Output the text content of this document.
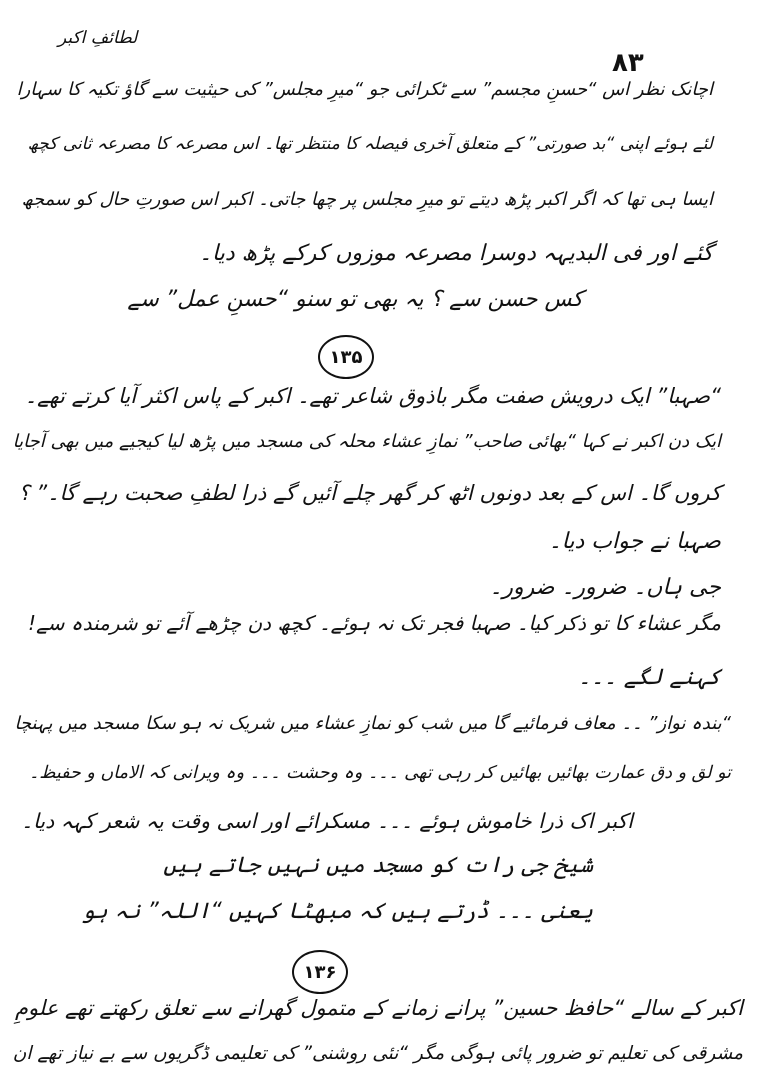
لطائفِ اکبر
۸۳
اچانک نظر اس “حسنِ مجسم” سے ٹکرائی جو “میرِ مجلس” کی حیثیت سے گاؤ تکیہ کا سہارا
لئے ہوئے اپنی “بد صورتی” کے متعلق آخری فیصلہ کا منتظر تھا۔ اس مصرعہ کا مصرعہ ثانی کچھ
ایسا ہی تھا کہ اگر اکبر پڑھ دیتے تو میرِ مجلس پر چھا جاتی۔ اکبر اس صورتِ حال کو سمجھ
گئے اور فی البدیہہ دوسرا مصرعہ موزوں کرکے پڑھ دیا۔
کس حسن سے ؟ یہ بھی تو سنو “حسنِ عمل” سے
۱۳۵
“صہبا” ایک درویش صفت مگر باذوق شاعر تھے۔ اکبر کے پاس اکثر آیا کرتے تھے۔
ایک دن اکبر نے کہا “بھائی صاحب” نمازِ عشاء محلہ کی مسجد میں پڑھ لیا کیجیے میں بھی آجایا
کروں گا۔ اس کے بعد دونوں اٹھ کر گھر چلے آئیں گے ذرا لطفِ صحبت رہے گا۔” ؟
صہبا نے جواب دیا۔
جی ہاں۔ ضرور۔ ضرور۔
مگر عشاء کا تو ذکر کیا۔ صہبا فجر تک نہ ہوئے۔ کچھ دن چڑھے آئے تو شرمندہ سے!
کہنے لگے ۔۔۔
“بندہ نواز” ۔۔ معاف فرمائیے گا میں شب کو نمازِ عشاء میں شریک نہ ہو سکا مسجد میں پہنچا
تو لق و دق عمارت بھائیں بھائیں کر رہی تھی ۔۔۔ وہ وحشت ۔۔۔ وہ ویرانی کہ الاماں و حفیظ۔
اکبر اک ذرا خاموش ہوئے ۔۔۔ مسکرائے اور اسی وقت یہ شعر کہہ دیا۔
شیخ جی رات کو مسجد میں نہیں جاتے ہیں
یعنی ۔۔۔ ڈرتے ہیں کہ مبھٹا کہیں “اللہ” نہ ہو
۱۳۶
اکبر کے سالے “حافظ حسین” پرانے زمانے کے متمول گھرانے سے تعلق رکھتے تھے علومِ
مشرقی کی تعلیم تو ضرور پائی ہوگی مگر “نئی روشنی” کی تعلیمی ڈگریوں سے بے نیاز تھے ان
